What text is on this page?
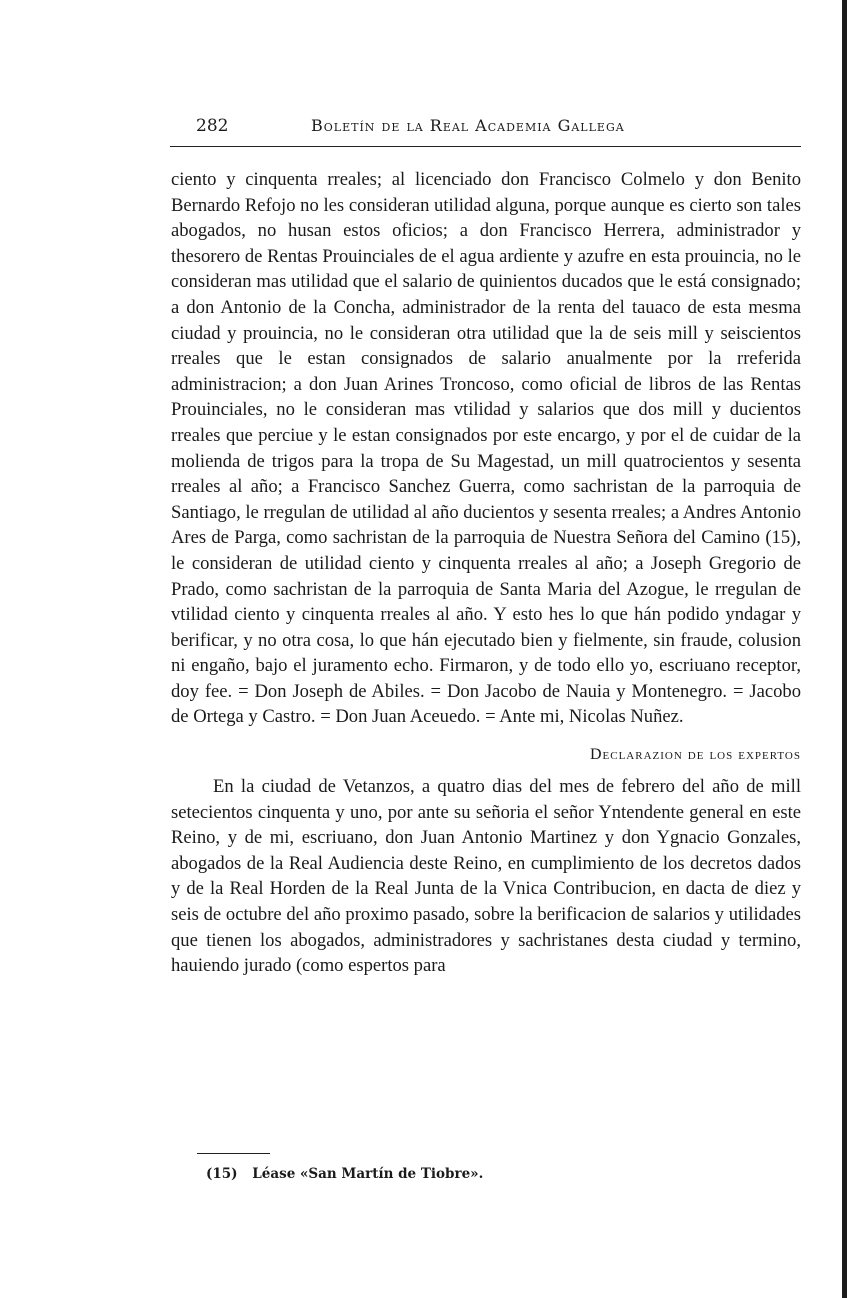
282	Boletín de la Real Academia Gallega

ciento y cinquenta rreales; al licenciado don Francisco Colmelo y don Benito Bernardo Refojo no les consideran utilidad alguna, porque aunque es cierto son tales abogados, no husan estos oficios; a don Francisco Herrera, administrador y thesorero de Rentas Prouinciales de el agua ardiente y azufre en esta prouincia, no le consideran mas utilidad que el salario de quinientos ducados que le está consignado; a don Antonio de la Concha, administrador de la renta del tauaco de esta mesma ciudad y prouincia, no le consideran otra utilidad que la de seis mill y seiscientos rreales que le estan consignados de salario anualmente por la rreferida administracion; a don Juan Arines Troncoso, como oficial de libros de las Rentas Prouinciales, no le consideran mas vtilidad y salarios que dos mill y ducientos rreales que perciue y le estan consignados por este encargo, y por el de cuidar de la molienda de trigos para la tropa de Su Magestad, un mill quatrocientos y sesenta rreales al año; a Francisco Sanchez Guerra, como sachristan de la parroquia de Santiago, le rregulan de utilidad al año ducientos y sesenta rreales; a Andres Antonio Ares de Parga, como sachristan de la parroquia de Nuestra Señora del Camino (15), le consideran de utilidad ciento y cinquenta rreales al año; a Joseph Gregorio de Prado, como sachristan de la parroquia de Santa Maria del Azogue, le rregulan de vtilidad ciento y cinquenta rreales al año. Y esto hes lo que hán podido yndagar y berificar, y no otra cosa, lo que hán ejecutado bien y fielmente, sin fraude, colusion ni engaño, bajo el juramento echo. Firmaron, y de todo ello yo, escriuano receptor, doy fee. = Don Joseph de Abiles. = Don Jacobo de Nauia y Montenegro. = Jacobo de Ortega y Castro. = Don Juan Aceuedo. = Ante mi, Nicolas Nuñez.

Declarazion de los expertos

En la ciudad de Vetanzos, a quatro dias del mes de febrero del año de mill setecientos cinquenta y uno, por ante su señoria el señor Yntendente general en este Reino, y de mi, escriuano, don Juan Antonio Martinez y don Ygnacio Gonzales, abogados de la Real Audiencia deste Reino, en cumplimiento de los decretos dados y de la Real Horden de la Real Junta de la Vnica Contribucion, en dacta de diez y seis de octubre del año proximo pasado, sobre la berificacion de salarios y utilidades que tienen los abogados, administradores y sachristanes desta ciudad y termino, hauiendo jurado (como espertos para

(15) Léase «San Martín de Tiobre».
